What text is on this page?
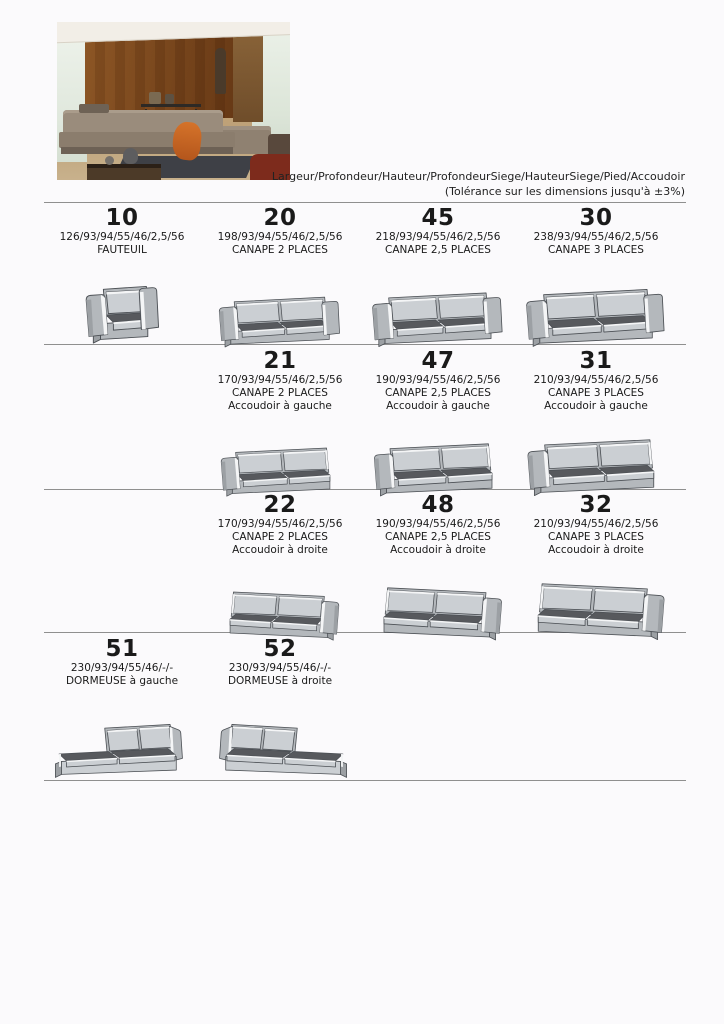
Largeur/Profondeur/Hauteur/ProfondeurSiege/HauteurSiege/Pied/Accoudoir
(Tolérance sur les dimensions jusqu'à ±3%)
10
126/93/94/55/46/2,5/56
FAUTEUIL
20
198/93/94/55/46/2,5/56
CANAPE 2 PLACES
45
218/93/94/55/46/2,5/56
CANAPE 2,5 PLACES
30
238/93/94/55/46/2,5/56
CANAPE 3 PLACES
21
170/93/94/55/46/2,5/56
CANAPE 2 PLACES
Accoudoir à gauche
47
190/93/94/55/46/2,5/56
CANAPE 2,5 PLACES
Accoudoir à gauche
31
210/93/94/55/46/2,5/56
CANAPE 3 PLACES
Accoudoir à gauche
22
170/93/94/55/46/2,5/56
CANAPE 2 PLACES
Accoudoir à droite
48
190/93/94/55/46/2,5/56
CANAPE 2,5 PLACES
Accoudoir à droite
32
210/93/94/55/46/2,5/56
CANAPE 3 PLACES
Accoudoir à droite
51
230/93/94/55/46/-/-
DORMEUSE à gauche
52
230/93/94/55/46/-/-
DORMEUSE à droite
